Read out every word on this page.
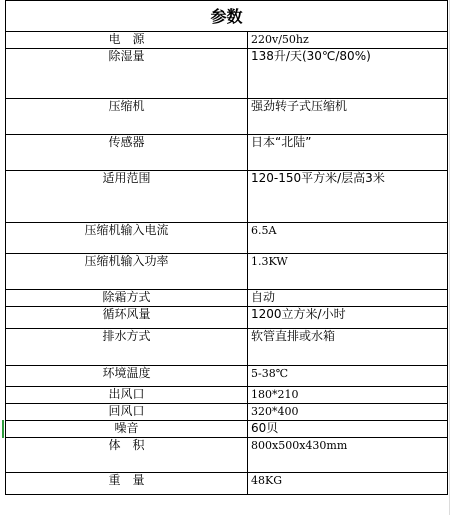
参数	
电　源	220v/50hz
除湿量	138升/天(30℃/80%)
压缩机	强劲转子式压缩机
传感器	日本“北陆”
适用范围	120-150平方米/层高3米
压缩机输入电流	6.5A
压缩机输入功率	1.3KW
除霜方式	自动
循环风量	1200立方米/小时
排水方式	软管直排或水箱
环境温度	5-38℃
出风口	180*210
回风口	320*400
噪音	60贝
体　积	800x500x430mm
重　量	48KG
